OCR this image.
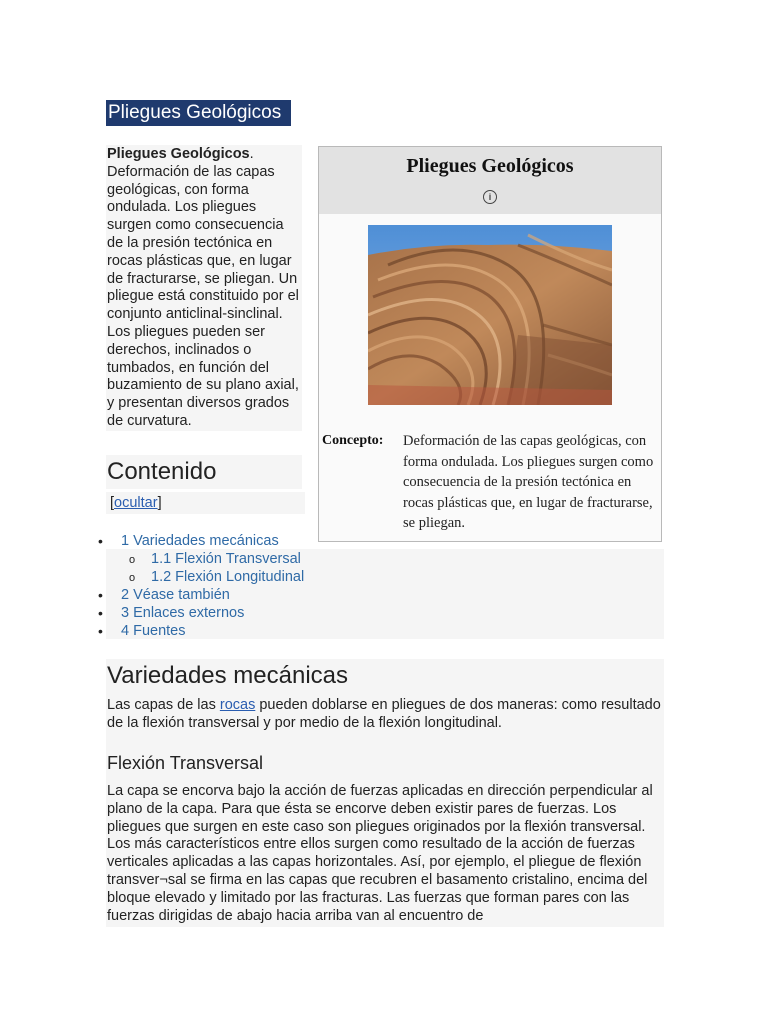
Pliegues Geológicos
Pliegues Geológicos. Deformación de las capas geológicas, con forma ondulada. Los pliegues surgen como consecuencia de la presión tectónica en rocas plásticas que, en lugar de fracturarse, se pliegan. Un pliegue está constituido por el conjunto anticlinal-sinclinal. Los pliegues pueden ser derechos, inclinados o tumbados, en función del buzamiento de su plano axial, y presentan diversos grados de curvatura.
Contenido
[ocultar]
• 1 Variedades mecánicas
o 1.1 Flexión Transversal
o 1.2 Flexión Longitudinal
• 2 Véase también
• 3 Enlaces externos
• 4 Fuentes
Pliegues Geológicos
i
Concepto: Deformación de las capas geológicas, con forma ondulada. Los pliegues surgen como consecuencia de la presión tectónica en rocas plásticas que, en lugar de fracturarse, se pliegan.
Variedades mecánicas
Las capas de las rocas pueden doblarse en pliegues de dos maneras: como resultado de la flexión transversal y por medio de la flexión longitudinal.
Flexión Transversal
La capa se encorva bajo la acción de fuerzas aplicadas en dirección perpendicular al plano de la capa. Para que ésta se encorve deben existir pares de fuerzas. Los pliegues que surgen en este caso son pliegues originados por la flexión transversal. Los más característicos entre ellos surgen como resultado de la acción de fuerzas verticales aplicadas a las capas horizontales. Así, por ejemplo, el pliegue de flexión transver¬sal se firma en las capas que recubren el basamento cristalino, encima del bloque elevado y limitado por las fracturas. Las fuerzas que forman pares con las fuerzas dirigidas de abajo hacia arriba van al encuentro de
